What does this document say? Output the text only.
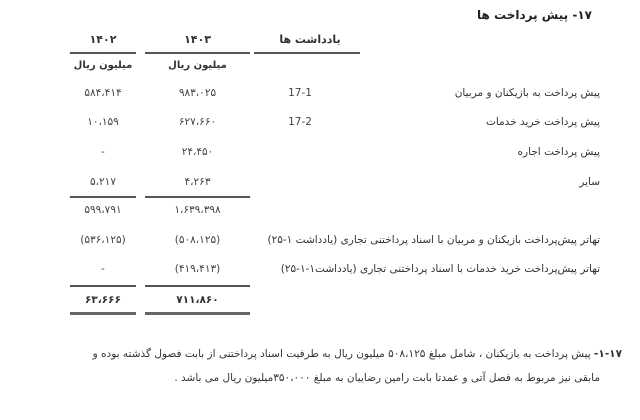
۱۷- پیش پرداخت ها
یادداشت ها
۱۴۰۳
۱۴۰۲
میلیون ریال
میلیون ریال
پیش پرداخت به بازیکنان و مربیان
17-1
۹۸۳،۰۲۵
۵۸۴،۴۱۴
پیش پرداخت خرید خدمات
17-2
۶۲۷،۶۶۰
۱۰،۱۵۹
پیش پرداخت اجاره
۲۴،۴۵۰
-
سایر
۴،۲۶۳
۵،۲۱۷
۱،۶۳۹،۳۹۸
۵۹۹،۷۹۱
تهاتر پیش‌پرداخت بازیکنان و مربیان با اسناد پرداختنی تجاری (یادداشت ۱-۲۵)
(۵۰۸،۱۲۵)
(۵۳۶،۱۲۵)
تهاتر پیش‌پرداخت خرید خدمات با اسناد پرداختنی تجاری (یادداشت۱-۱-۲۵)
(۴۱۹،۴۱۳)
-
۷۱۱،۸۶۰
۶۳،۶۶۶
۱-۱۷- پیش پرداخت به بازیکنان ، شامل مبلغ ۵۰۸،۱۲۵ میلیون ریال به طرفیت اسناد پرداختنی از بابت فصول گذشته بوده و
مابقی نیز مربوط به فصل آتی و عمدتا بابت رامین رضاییان به مبلغ ۳۵۰،۰۰۰میلیون ریال می باشد .
